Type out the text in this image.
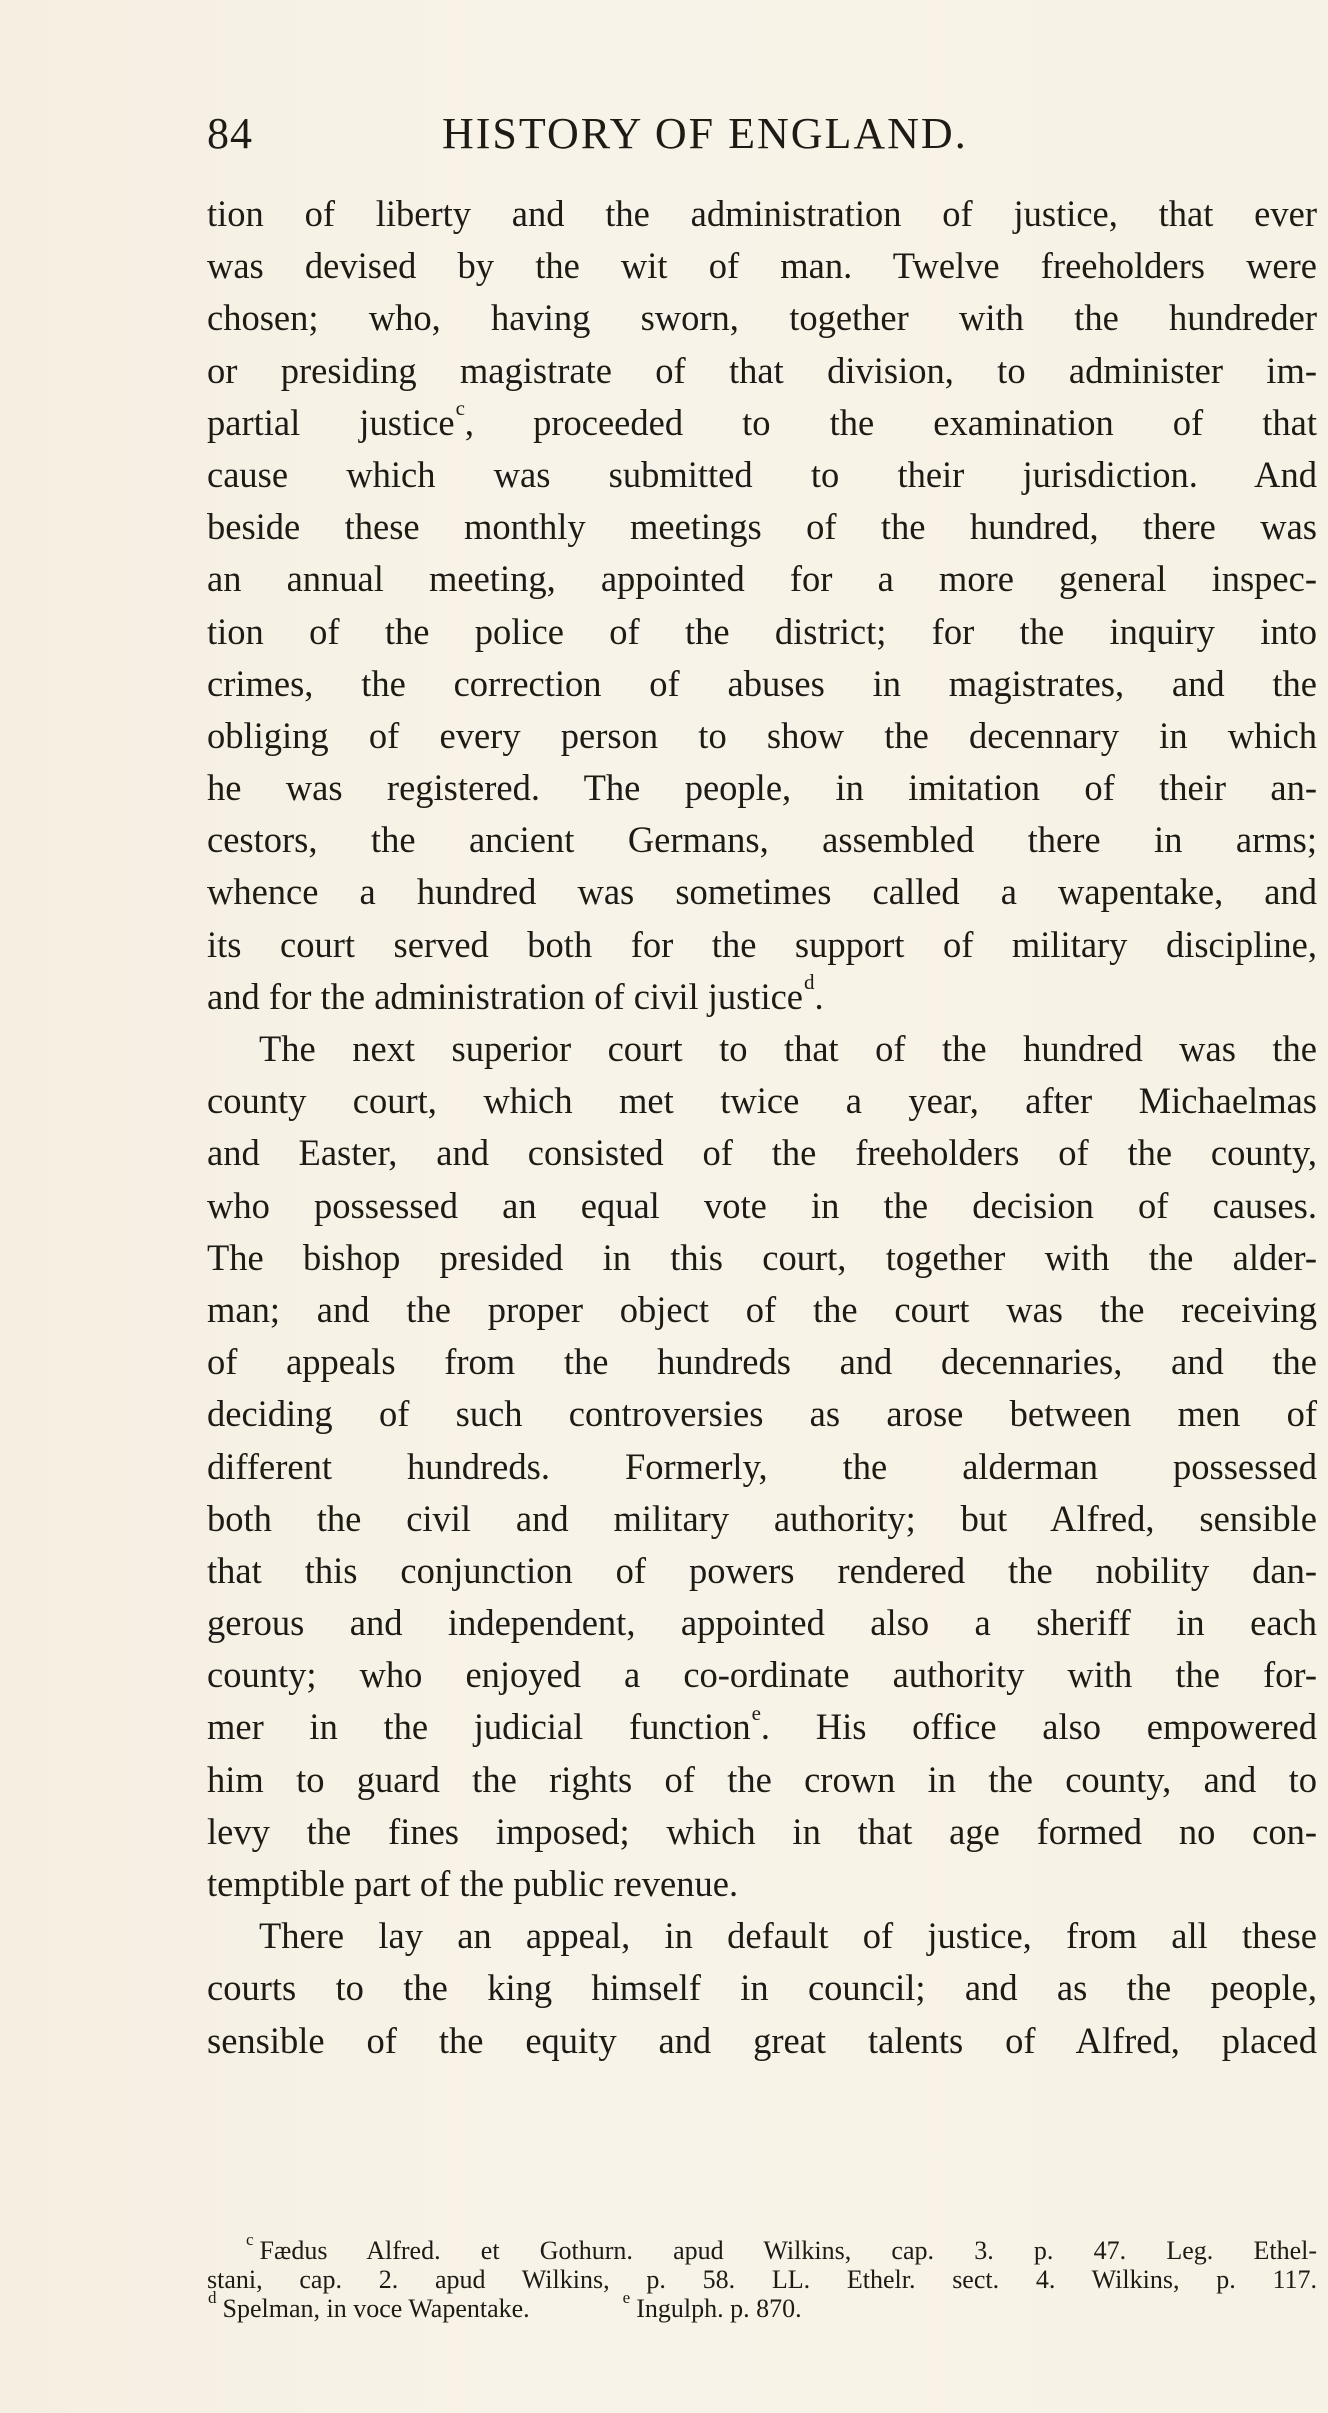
84	HISTORY OF ENGLAND.
tion of liberty and the administration of justice, that ever
was devised by the wit of man. Twelve freeholders were
chosen; who, having sworn, together with the hundreder
or presiding magistrate of that division, to administer im-
partial justice$^c$, proceeded to the examination of that
cause which was submitted to their jurisdiction. And
beside these monthly meetings of the hundred, there was
an annual meeting, appointed for a more general inspec-
tion of the police of the district; for the inquiry into
crimes, the correction of abuses in magistrates, and the
obliging of every person to show the decennary in which
he was registered. The people, in imitation of their an-
cestors, the ancient Germans, assembled there in arms;
whence a hundred was sometimes called a wapentake, and
its court served both for the support of military discipline,
and for the administration of civil justice$^d$.
The next superior court to that of the hundred was the
county court, which met twice a year, after Michaelmas
and Easter, and consisted of the freeholders of the county,
who possessed an equal vote in the decision of causes.
The bishop presided in this court, together with the alder-
man; and the proper object of the court was the receiving
of appeals from the hundreds and decennaries, and the
deciding of such controversies as arose between men of
different hundreds. Formerly, the alderman possessed
both the civil and military authority; but Alfred, sensible
that this conjunction of powers rendered the nobility dan-
gerous and independent, appointed also a sheriff in each
county; who enjoyed a co-ordinate authority with the for-
mer in the judicial function$^e$. His office also empowered
him to guard the rights of the crown in the county, and to
levy the fines imposed; which in that age formed no con-
temptible part of the public revenue.
There lay an appeal, in default of justice, from all these
courts to the king himself in council; and as the people,
sensible of the equity and great talents of Alfred, placed
$^c$ Fædus Alfred. et Gothurn. apud Wilkins, cap. 3. p. 47. Leg. Ethel-
stani, cap. 2. apud Wilkins, p. 58. LL. Ethelr. sect. 4. Wilkins, p. 117.
$^d$ Spelman, in voce Wapentake.	$^e$ Ingulph. p. 870.
